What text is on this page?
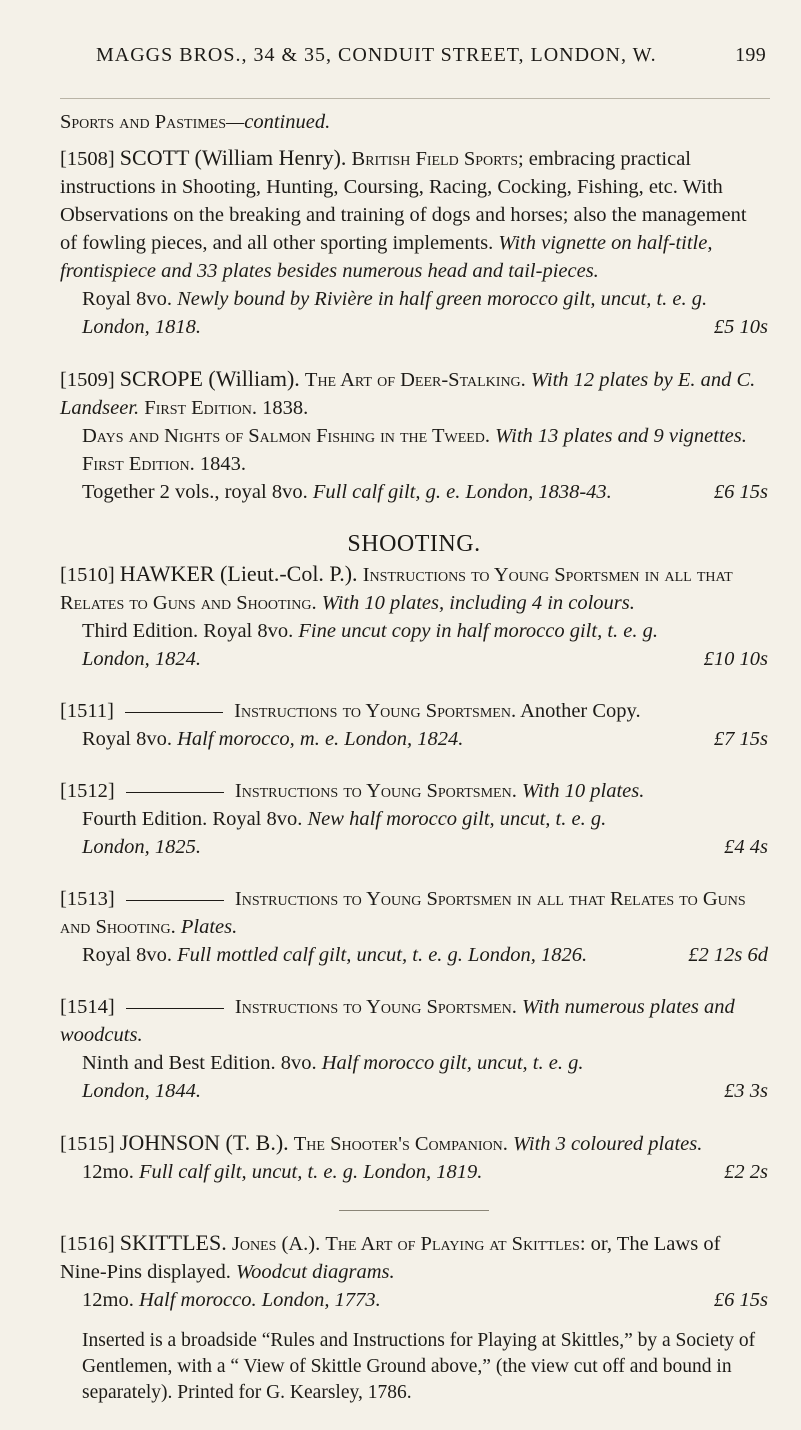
MAGGS BROS., 34 & 35, CONDUIT STREET, LONDON, W.	199
Sports and Pastimes—continued.

[1508] SCOTT (William Henry). British Field Sports; embracing practical instructions in Shooting, Hunting, Coursing, Racing, Cocking, Fishing, etc. With Observations on the breaking and training of dogs and horses; also the management of fowling pieces, and all other sporting implements. With vignette on half-title, frontispiece and 33 plates besides numerous head and tail-pieces.

Royal 8vo. Newly bound by Rivière in half green morocco gilt, uncut, t. e. g.

London, 1818.	£5 10s

[1509] SCROPE (William). The Art of Deer-Stalking. With 12 plates by E. and C. Landseer. First Edition. 1838.

Days and Nights of Salmon Fishing in the Tweed. With 13 plates and 9 vignettes. First Edition. 1843.

Together 2 vols., royal 8vo. Full calf gilt, g. e. London, 1838-43.	£6 15s
SHOOTING.

[1510] HAWKER (Lieut.-Col. P.). Instructions to Young Sportsmen in all that Relates to Guns and Shooting. With 10 plates, including 4 in colours.

Third Edition. Royal 8vo. Fine uncut copy in half morocco gilt, t. e. g.

London, 1824.	£10 10s

[1511]	Instructions to Young Sportsmen. Another Copy.

Royal 8vo. Half morocco, m. e. London, 1824.	£7 15s

[1512]	Instructions to Young Sportsmen. With 10 plates.

Fourth Edition. Royal 8vo. New half morocco gilt, uncut, t. e. g.

London, 1825.	£4 4s

[1513]	Instructions to Young Sportsmen in all that Relates to Guns and Shooting. Plates.

Royal 8vo. Full mottled calf gilt, uncut, t. e. g. London, 1826.	£2 12s 6d

[1514]	Instructions to Young Sportsmen. With numerous plates and woodcuts.

Ninth and Best Edition. 8vo. Half morocco gilt, uncut, t. e. g.

London, 1844.	£3 3s

[1515] JOHNSON (T. B.). The Shooter's Companion. With 3 coloured plates.

12mo. Full calf gilt, uncut, t. e. g. London, 1819.	£2 2s

[1516] SKITTLES. Jones (A.). The Art of Playing at Skittles: or, The Laws of Nine-Pins displayed. Woodcut diagrams.

12mo. Half morocco. London, 1773.	£6 15s

Inserted is a broadside “Rules and Instructions for Playing at Skittles,” by a Society of Gentlemen, with a “ View of Skittle Ground above,” (the view cut off and bound in separately). Printed for G. Kearsley, 1786.
